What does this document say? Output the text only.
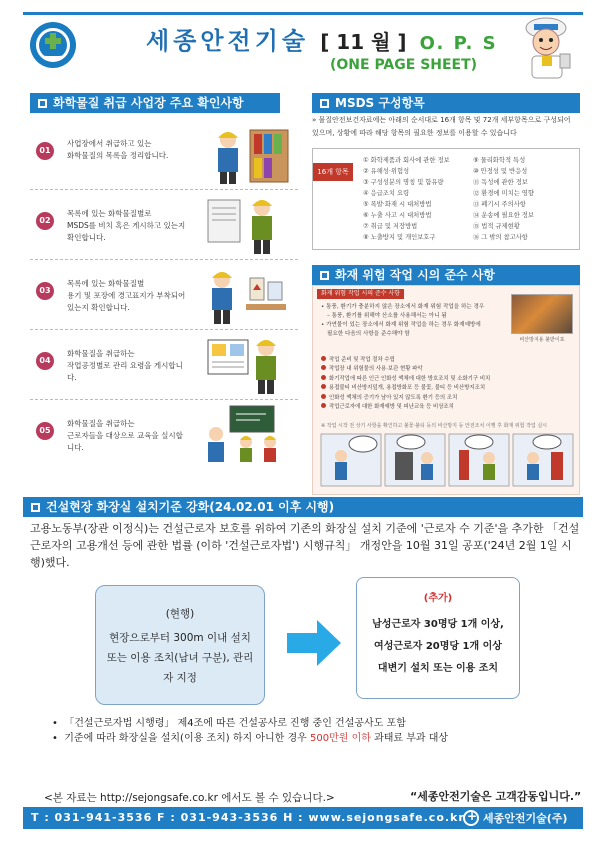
세종안전기술 [ 11 월 ] O. P. S
(ONE PAGE SHEET)
화학물질 취급 사업장 주요 확인사항
01
사업장에서 취급하고 있는
화학물질의 목록을 정리합니다.
02
목록에 있는 화학물질별로
MSDS를 비치 혹은 게시하고 있는지
확인합니다.
03
목록에 있는 화학물질별
용기 및 포장에 경고표지가 부착되어
있는지 확인합니다.
04
화학물질을 취급하는
작업공정별로 관리 요령을 게시합니다.
05
화학물질을 취급하는
근로자들을 대상으로 교육을 실시합니다.
MSDS 구성항목
» 물질안전보건자료에는 아래의 순서대로 16개 항목 및 72개 세부항목으로 구성되어 있으며, 상황에 따라 해당 항목의 필요한 정보를 이용할 수 있습니다
16개 항목
① 화학제품과 회사에 관한 정보
② 유해성·위험성
③ 구성성분의 명칭 및 함유량
④ 응급조치 요령
⑤ 폭발·화재 시 대처방법
⑥ 누출 사고 시 대처방법
⑦ 취급 및 저장방법
⑧ 노출방지 및 개인보호구
⑨ 물리화학적 특성
⑩ 안정성 및 반응성
⑪ 독성에 관한 정보
⑫ 환경에 미치는 영향
⑬ 폐기시 주의사항
⑭ 운송에 필요한 정보
⑮ 법적 규제현황
⑯ 그 밖의 참고사항
화재 위험 작업 시의 준수 사항
화재 위험 작업 시의 준수 사항
• 통풍, 환기가 충분하지 않은 장소에서 화재 위험 작업을 하는 경우
– 통풍, 환기를 위해야 산소를 사용해서는 아니 됨
• 가연물이 있는 장소에서 화재 위험 작업을 하는 경우 화재예방에
필요한 다음의 사항을 준수해야 함
비산방지용 불받이포
작업 준비 및 작업 절차 수립
작업장 내 위험물의 사용·보관 현황 파악
화기작업에 따른 인근 인화성 액체에 대한 방호조치 및 소화기구 비치
용접불티 비산방지덮개, 용접방화포 등 불꽃, 불티 등 비산방지조치
인화성 액체의 증기가 남아 있지 않도록 환기 등의 조치
작업근로자에 대한 화재예방 및 피난교육 등 비상조치
※ 작업 시작 전 상기 사항을 확인하고 불꽃·불티 등의 비산방지 등 안전조치 이행 후 화재 위험 작업 실시
건설현장 화장실 설치기준 강화(24.02.01 이후 시행)
고용노동부(장관 이정식)는 건설근로자 보호를 위하여 기존의 화장실 설치 기준에 '근로자 수 기준'을 추가한 「건설근로자의 고용개선 등에 관한 법률 (이하 '건설근로자법') 시행규칙」 개정안을 10월 31일 공포('24년 2월 1일 시행)했다.
(현행)
현장으로부터 300m 이내 설치 또는 이용 조치(남녀 구분), 관리자 지정
(추가)
남성근로자 30명당 1개 이상,
여성근로자 20명당 1개 이상
대변기 설치 또는 이용 조치
•  「건설근로자법 시행령」 제4조에 따른 건설공사로 진행 중인 건설공사도 포함
•  기준에 따라 화장실을 설치(이용 조치) 하지 아니한 경우 500만원 이하 과태료 부과 대상
<본 자료는 http://sejongsafe.co.kr 에서도 볼 수 있습니다.>	“세종안전기술은 고객감동입니다.”
T : 031-941-3536 F : 031-943-3536 H : www.sejongsafe.co.kr
+ 세종안전기술(주)
